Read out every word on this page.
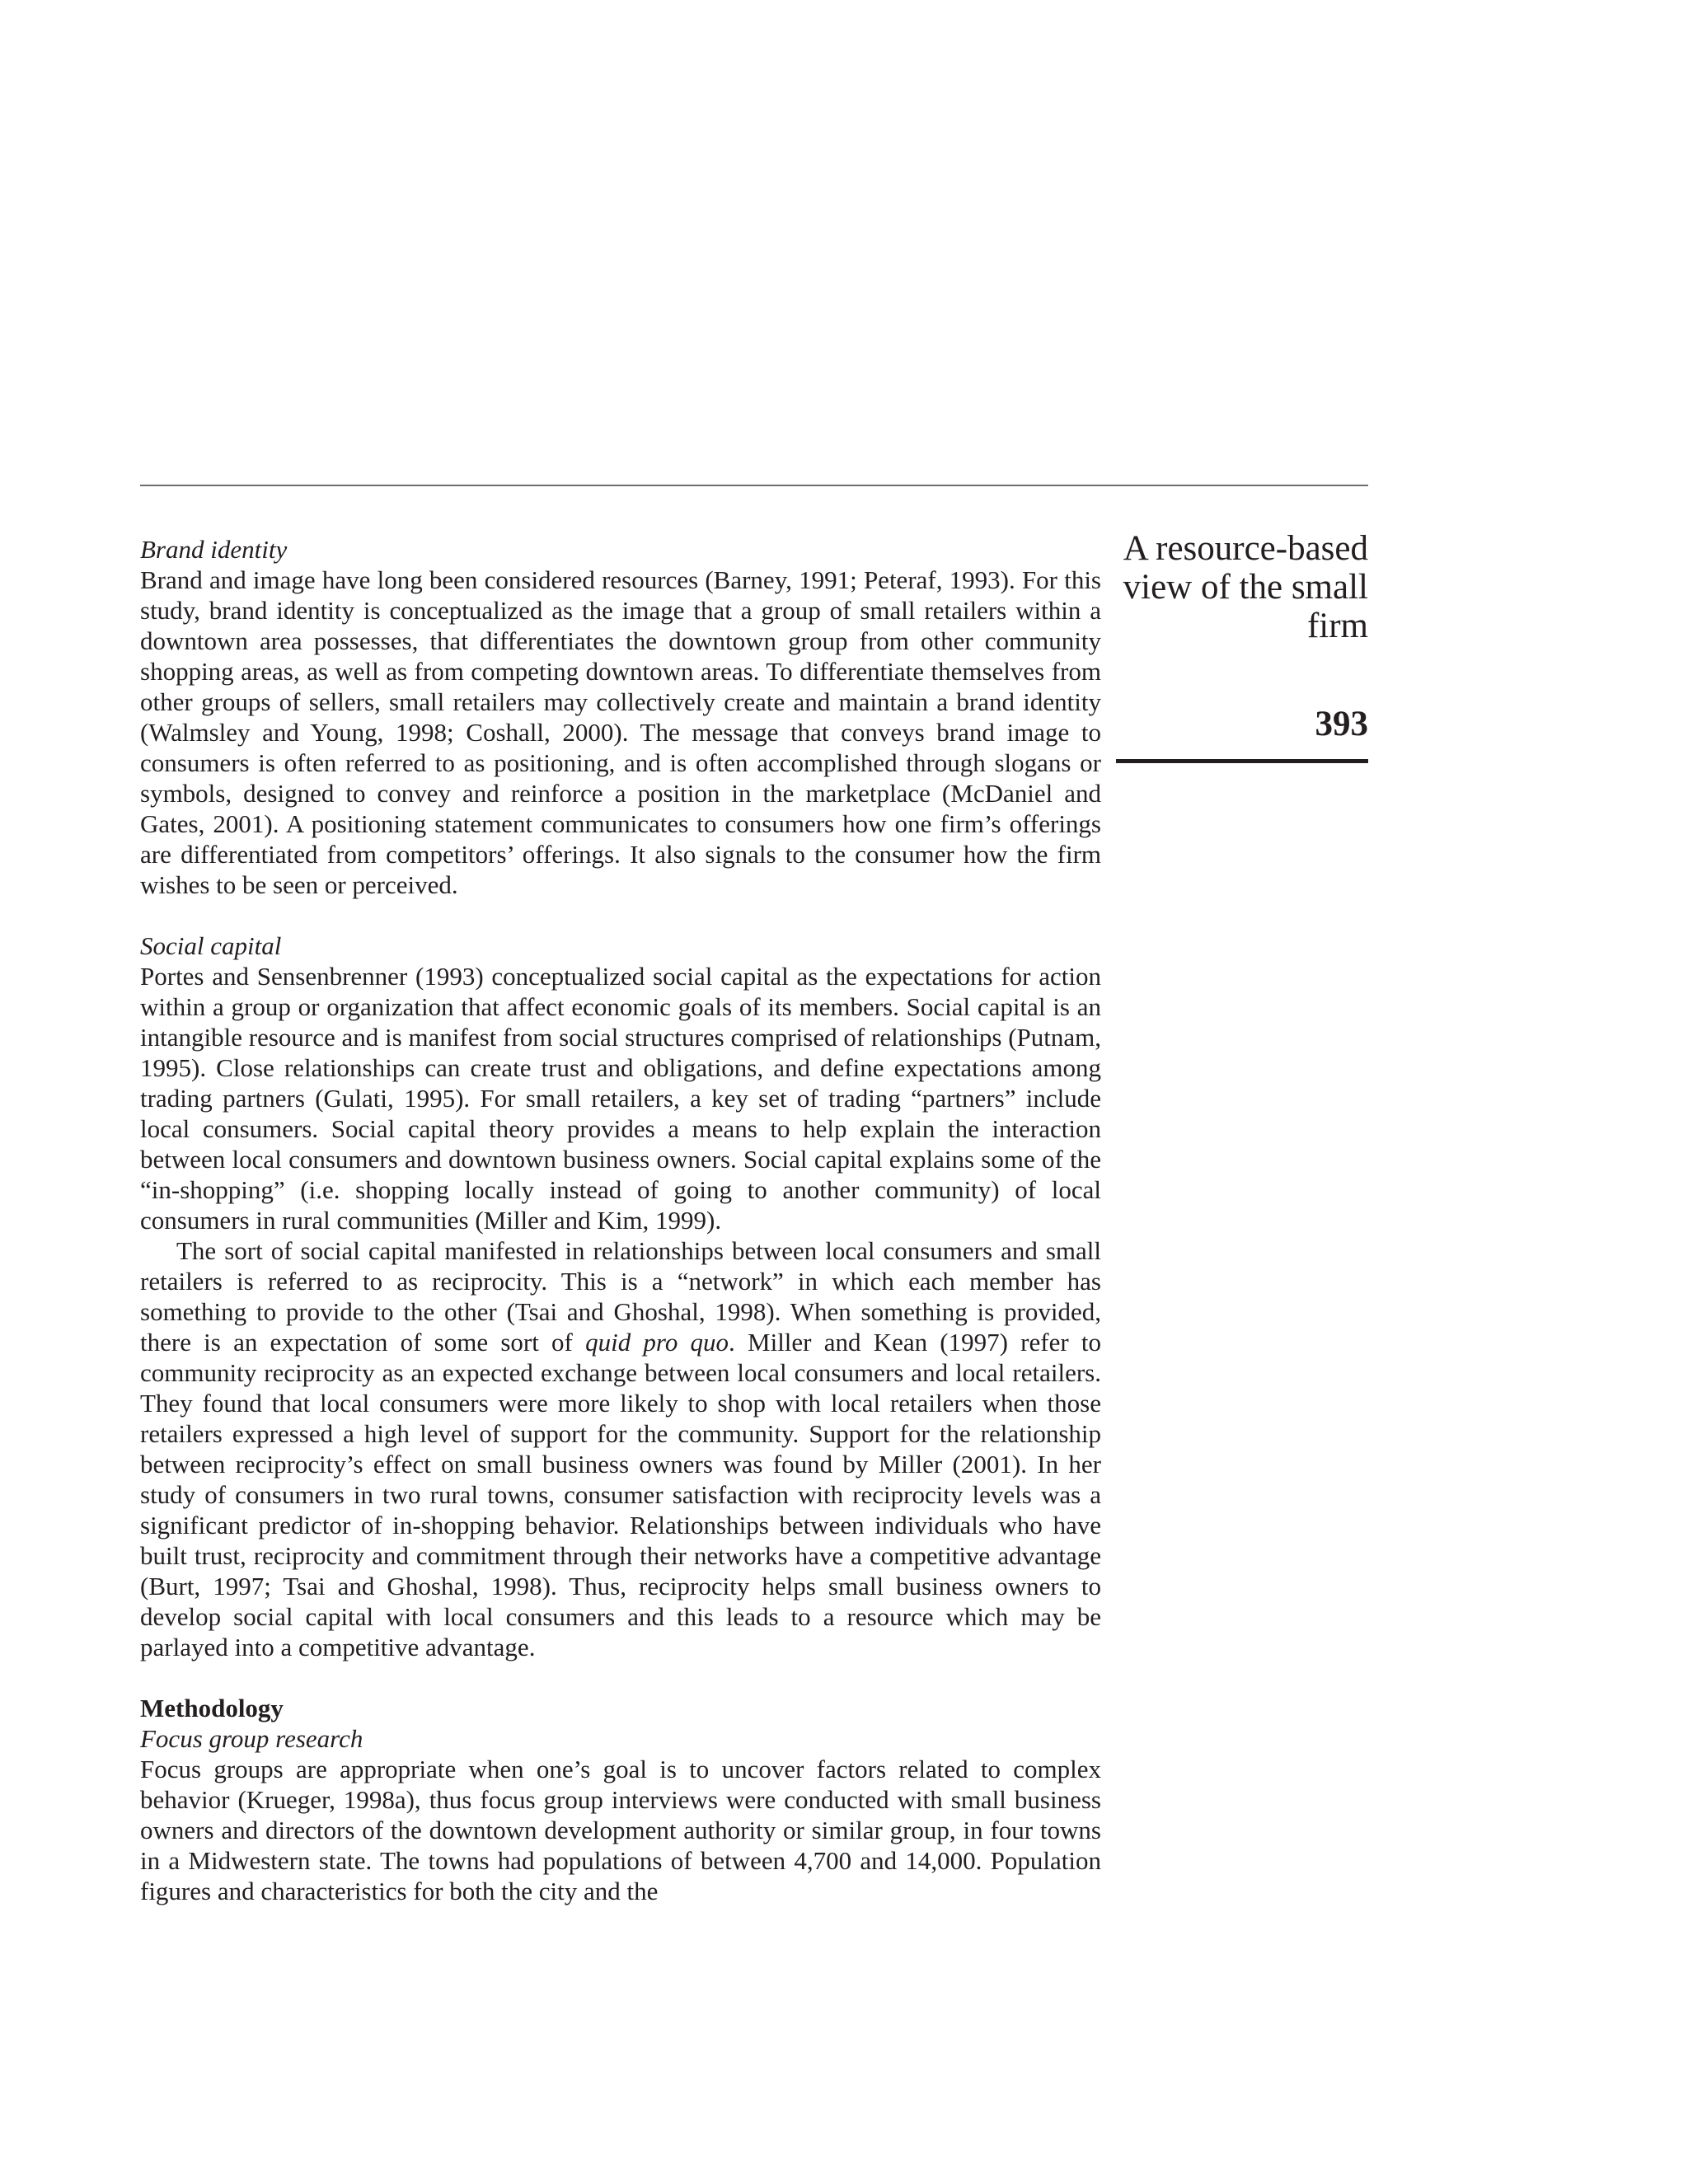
A resource-based
view of the small
firm
393
Brand identity

Brand and image have long been considered resources (Barney, 1991; Peteraf, 1993). For this study, brand identity is conceptualized as the image that a group of small retailers within a downtown area possesses, that differentiates the downtown group from other community shopping areas, as well as from competing downtown areas. To differentiate themselves from other groups of sellers, small retailers may collectively create and maintain a brand identity (Walmsley and Young, 1998; Coshall, 2000). The message that conveys brand image to consumers is often referred to as positioning, and is often accomplished through slogans or symbols, designed to convey and reinforce a position in the marketplace (McDaniel and Gates, 2001). A positioning statement communicates to consumers how one firm’s offerings are differentiated from competitors’ offerings. It also signals to the consumer how the firm wishes to be seen or perceived.

Social capital

Portes and Sensenbrenner (1993) conceptualized social capital as the expectations for action within a group or organization that affect economic goals of its members. Social capital is an intangible resource and is manifest from social structures comprised of relationships (Putnam, 1995). Close relationships can create trust and obligations, and define expectations among trading partners (Gulati, 1995). For small retailers, a key set of trading “partners” include local consumers. Social capital theory provides a means to help explain the interaction between local consumers and downtown business owners. Social capital explains some of the “in-shopping” (i.e. shopping locally instead of going to another community) of local consumers in rural communities (Miller and Kim, 1999).

The sort of social capital manifested in relationships between local consumers and small retailers is referred to as reciprocity. This is a “network” in which each member has something to provide to the other (Tsai and Ghoshal, 1998). When something is provided, there is an expectation of some sort of quid pro quo. Miller and Kean (1997) refer to community reciprocity as an expected exchange between local consumers and local retailers. They found that local consumers were more likely to shop with local retailers when those retailers expressed a high level of support for the community. Support for the relationship between reciprocity’s effect on small business owners was found by Miller (2001). In her study of consumers in two rural towns, consumer satisfaction with reciprocity levels was a significant predictor of in-shopping behavior. Relationships between individuals who have built trust, reciprocity and commitment through their networks have a competitive advantage (Burt, 1997; Tsai and Ghoshal, 1998). Thus, reciprocity helps small business owners to develop social capital with local consumers and this leads to a resource which may be parlayed into a competitive advantage.

Methodology
Focus group research

Focus groups are appropriate when one’s goal is to uncover factors related to complex behavior (Krueger, 1998a), thus focus group interviews were conducted with small business owners and directors of the downtown development authority or similar group, in four towns in a Midwestern state. The towns had populations of between 4,700 and 14,000. Population figures and characteristics for both the city and the
